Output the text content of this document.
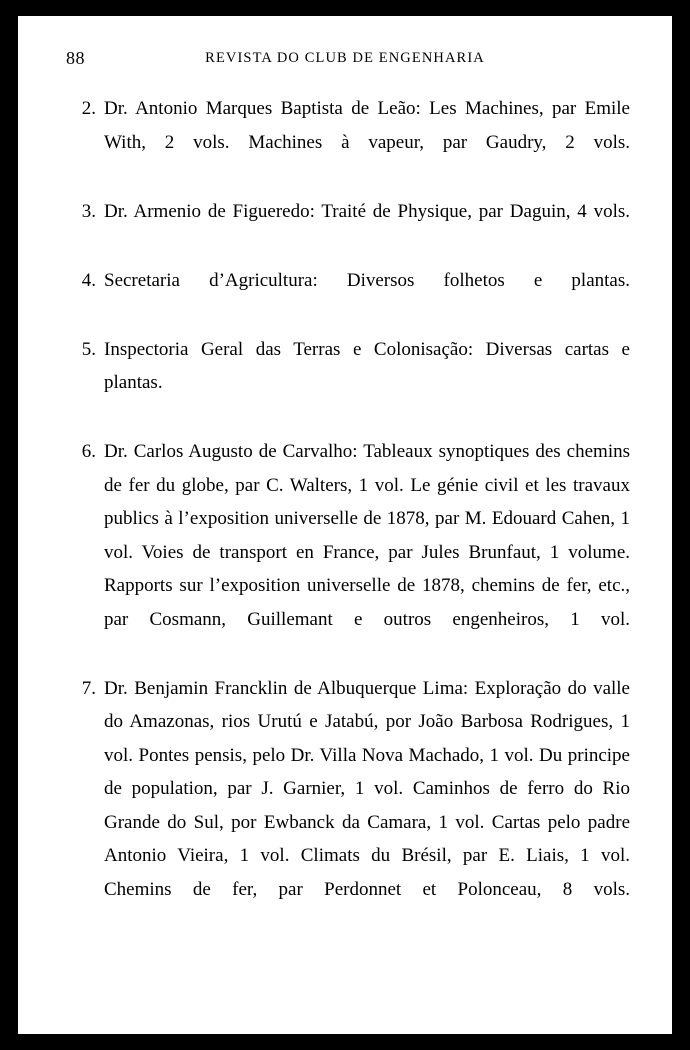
88	REVISTA DO CLUB DE ENGENHARIA
2. Dr. Antonio Marques Baptista de Leão: Les Machines, par Emile With, 2 vols. Machines à vapeur, par Gaudry, 2 vols.
3. Dr. Armenio de Figueredo: Traité de Physique, par Daguin, 4 vols.
4. Secretaria d’Agricultura: Diversos folhetos e plantas.
5. Inspectoria Geral das Terras e Colonisação: Diversas cartas e plantas.
6. Dr. Carlos Augusto de Carvalho: Tableaux synoptiques des chemins de fer du globe, par C. Walters, 1 vol. Le génie civil et les travaux publics à l’exposition universelle de 1878, par M. Edouard Cahen, 1 vol. Voies de transport en France, par Jules Brunfaut, 1 volume. Rapports sur l’exposition universelle de 1878, chemins de fer, etc., par Cosmann, Guillemant e outros engenheiros, 1 vol.
7. Dr. Benjamin Francklin de Albuquerque Lima: Exploração do valle do Amazonas, rios Urutú e Jatabú, por João Barbosa Rodrigues, 1 vol. Pontes pensis, pelo Dr. Villa Nova Machado, 1 vol. Du principe de population, par J. Garnier, 1 vol. Caminhos de ferro do Rio Grande do Sul, por Ewbanck da Camara, 1 vol. Cartas pelo padre Antonio Vieira, 1 vol. Climats du Brésil, par E. Liais, 1 vol. Chemins de fer, par Perdonnet et Polonceau, 8 vols.
